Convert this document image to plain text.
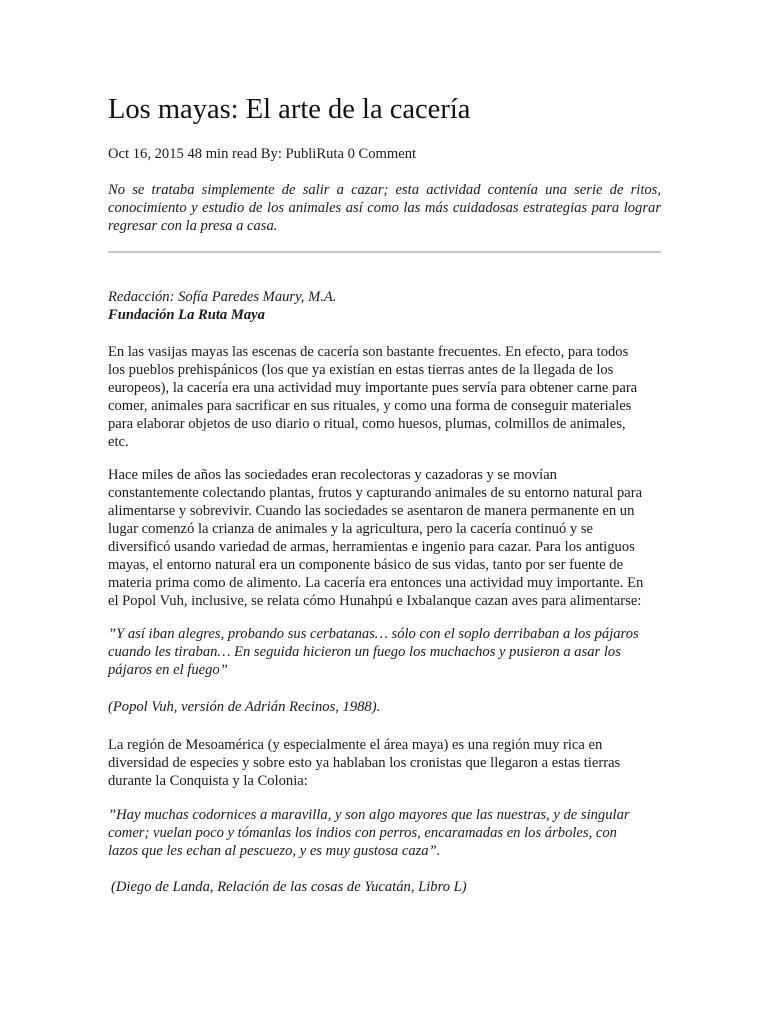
Los mayas: El arte de la cacería
Oct 16, 2015 48 min read By: PubliRuta 0 Comment
No se trataba simplemente de salir a cazar; esta actividad contenía una serie de ritos, conocimiento y estudio de los animales así como las más cuidadosas estrategias para lograr regresar con la presa a casa.
Redacción: Sofía Paredes Maury, M.A.
Fundación La Ruta Maya
En las vasijas mayas las escenas de cacería son bastante frecuentes. En efecto, para todos
los pueblos prehispánicos (los que ya existían en estas tierras antes de la llegada de los
europeos), la cacería era una actividad muy importante pues servía para obtener carne para
comer, animales para sacrificar en sus rituales, y como una forma de conseguir materiales
para elaborar objetos de uso diario o ritual, como huesos, plumas, colmillos de animales,
etc.
Hace miles de años las sociedades eran recolectoras y cazadoras y se movían
constantemente colectando plantas, frutos y capturando animales de su entorno natural para
alimentarse y sobrevivir. Cuando las sociedades se asentaron de manera permanente en un
lugar comenzó la crianza de animales y la agricultura, pero la cacería continuó y se
diversificó usando variedad de armas, herramientas e ingenio para cazar. Para los antiguos
mayas, el entorno natural era un componente básico de sus vidas, tanto por ser fuente de
materia prima como de alimento. La cacería era entonces una actividad muy importante. En
el Popol Vuh, inclusive, se relata cómo Hunahpú e Ixbalanque cazan aves para alimentarse:
”Y así iban alegres, probando sus cerbatanas… sólo con el soplo derribaban a los pájaros
cuando les tiraban… En seguida hicieron un fuego los muchachos y pusieron a asar los
pájaros en el fuego”
(Popol Vuh, versión de Adrián Recinos, 1988).
La región de Mesoamérica (y especialmente el área maya) es una región muy rica en
diversidad de especies y sobre esto ya hablaban los cronistas que llegaron a estas tierras
durante la Conquista y la Colonia:
”Hay muchas codornices a maravilla, y son algo mayores que las nuestras, y de singular
comer; vuelan poco y tómanlas los indios con perros, encaramadas en los árboles, con
lazos que les echan al pescuezo, y es muy gustosa caza”.
(Diego de Landa, Relación de las cosas de Yucatán, Libro L)
